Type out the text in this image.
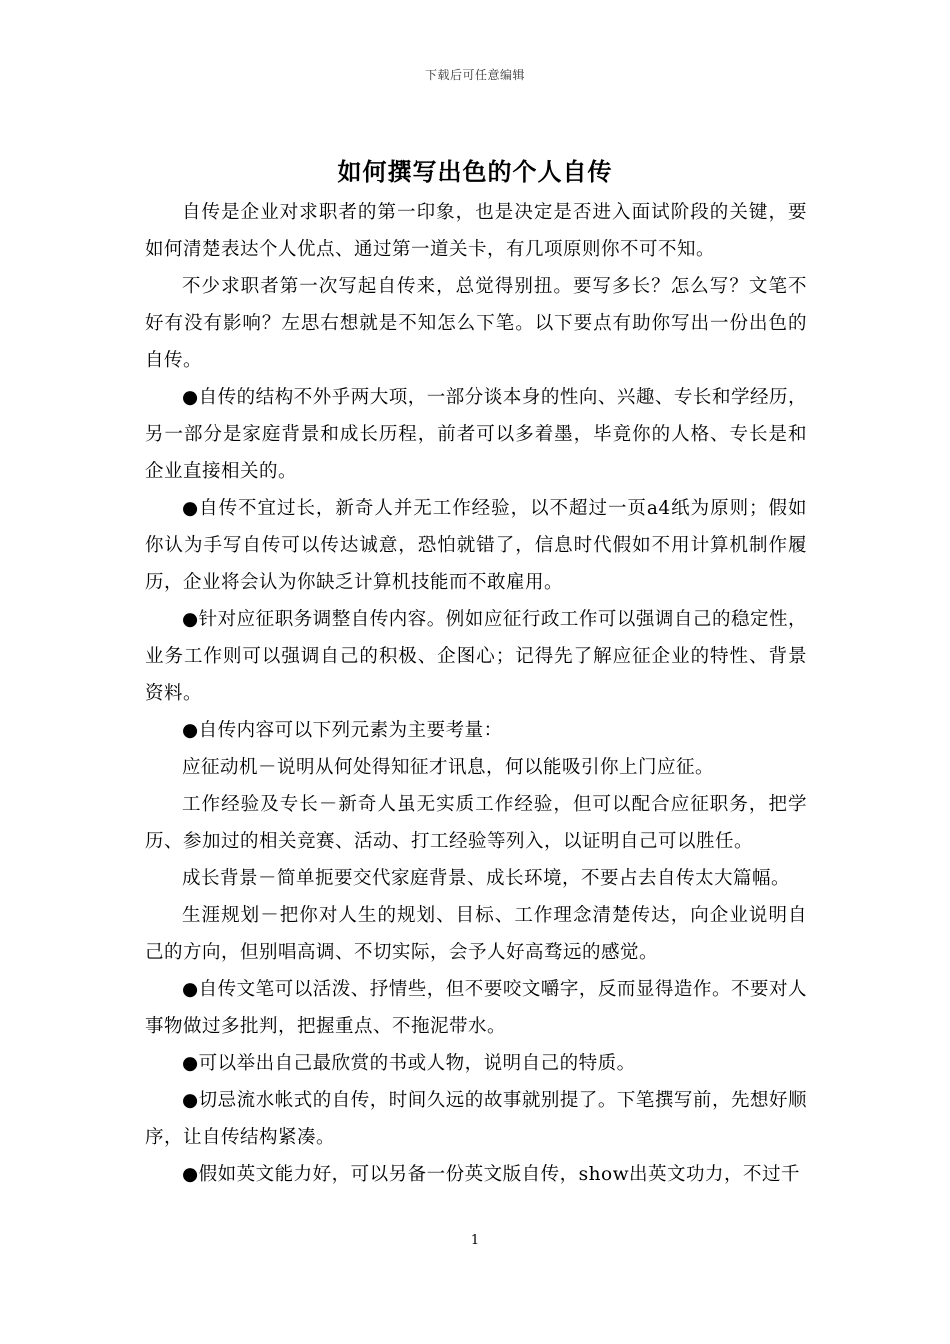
下载后可任意编辑
如何撰写出色的个人自传

自传是企业对求职者的第一印象，也是决定是否进入面试阶段的关键，要如何清楚表达个人优点、通过第一道关卡，有几项原则你不可不知。

不少求职者第一次写起自传来，总觉得别扭。要写多长？怎么写？文笔不好有没有影响？左思右想就是不知怎么下笔。以下要点有助你写出一份出色的自传。

●自传的结构不外乎两大项，一部分谈本身的性向、兴趣、专长和学经历，另一部分是家庭背景和成长历程，前者可以多着墨，毕竟你的人格、专长是和企业直接相关的。

●自传不宜过长，新奇人并无工作经验，以不超过一页a4纸为原则；假如你认为手写自传可以传达诚意，恐怕就错了，信息时代假如不用计算机制作履历，企业将会认为你缺乏计算机技能而不敢雇用。

●针对应征职务调整自传内容。例如应征行政工作可以强调自己的稳定性，业务工作则可以强调自己的积极、企图心；记得先了解应征企业的特性、背景资料。

●自传内容可以下列元素为主要考量：

应征动机－说明从何处得知征才讯息，何以能吸引你上门应征。

工作经验及专长－新奇人虽无实质工作经验，但可以配合应征职务，把学历、参加过的相关竞赛、活动、打工经验等列入，以证明自己可以胜任。

成长背景－简单扼要交代家庭背景、成长环境，不要占去自传太大篇幅。

生涯规划－把你对人生的规划、目标、工作理念清楚传达，向企业说明自己的方向，但别唱高调、不切实际，会予人好高骛远的感觉。

●自传文笔可以活泼、抒情些，但不要咬文嚼字，反而显得造作。不要对人事物做过多批判，把握重点、不拖泥带水。

●可以举出自己最欣赏的书或人物，说明自己的特质。

●切忌流水帐式的自传，时间久远的故事就别提了。下笔撰写前，先想好顺序，让自传结构紧凑。

●假如英文能力好，可以另备一份英文版自传，show出英文功力，不过千

1
